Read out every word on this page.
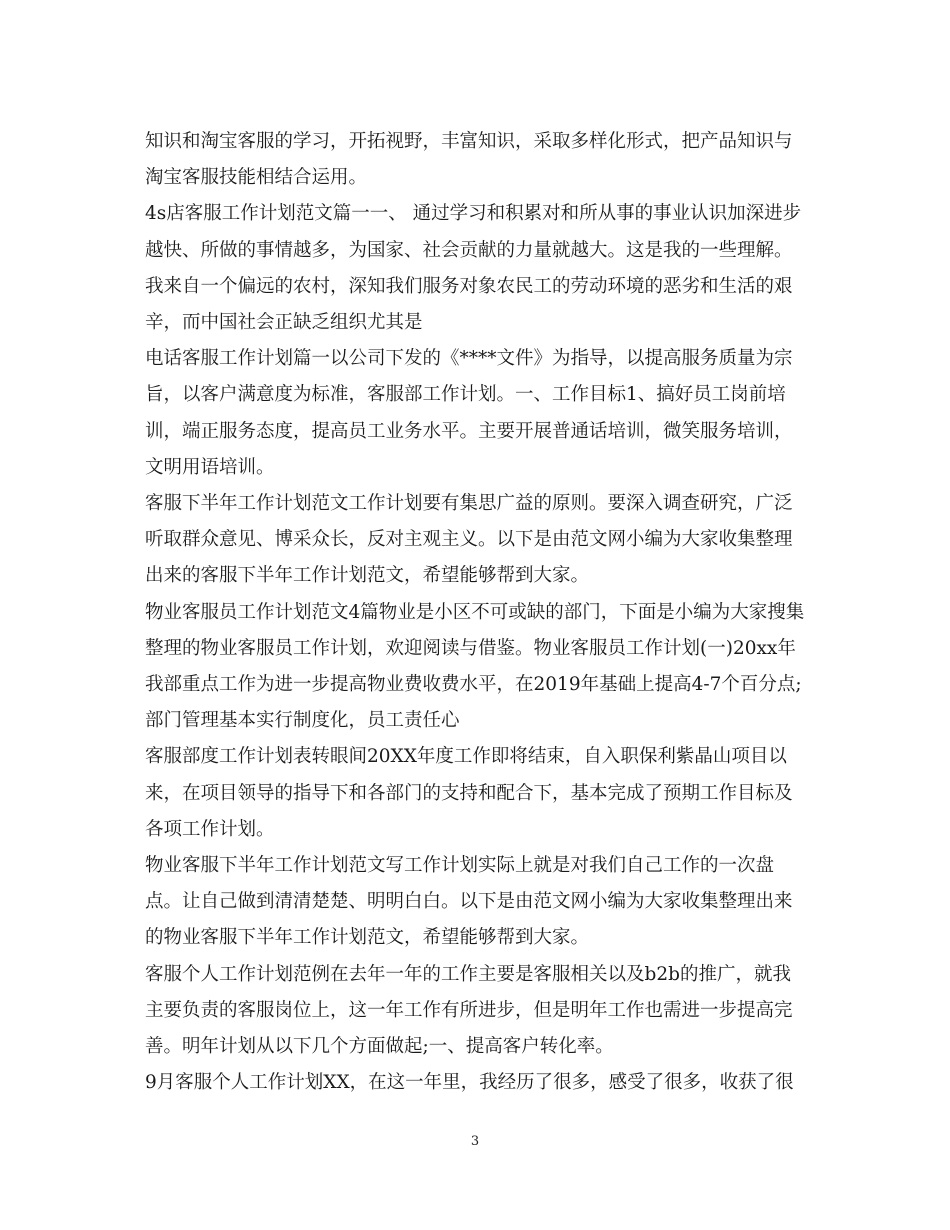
知识和淘宝客服的学习，开拓视野，丰富知识，采取多样化形式，把产品知识与淘宝客服技能相结合运用。

4s店客服工作计划范文篇一一、 通过学习和积累对和所从事的事业认识加深进步越快、所做的事情越多，为国家、社会贡献的力量就越大。这是我的一些理解。我来自一个偏远的农村，深知我们服务对象农民工的劳动环境的恶劣和生活的艰辛，而中国社会正缺乏组织尤其是

电话客服工作计划篇一以公司下发的《****文件》为指导，以提高服务质量为宗旨，以客户满意度为标准，客服部工作计划。一、工作目标1、搞好员工岗前培训，端正服务态度，提高员工业务水平。主要开展普通话培训，微笑服务培训，文明用语培训。

客服下半年工作计划范文工作计划要有集思广益的原则。要深入调查研究，广泛听取群众意见、博采众长，反对主观主义。以下是由范文网小编为大家收集整理出来的客服下半年工作计划范文，希望能够帮到大家。

物业客服员工作计划范文4篇物业是小区不可或缺的部门，下面是小编为大家搜集整理的物业客服员工作计划，欢迎阅读与借鉴。物业客服员工作计划(一)20xx年我部重点工作为进一步提高物业费收费水平，在2019年基础上提高4-7个百分点;部门管理基本实行制度化，员工责任心

客服部度工作计划表转眼间20XX年度工作即将结束，自入职保利紫晶山项目以来，在项目领导的指导下和各部门的支持和配合下，基本完成了预期工作目标及各项工作计划。

物业客服下半年工作计划范文写工作计划实际上就是对我们自己工作的一次盘点。让自己做到清清楚楚、明明白白。以下是由范文网小编为大家收集整理出来的物业客服下半年工作计划范文，希望能够帮到大家。

客服个人工作计划范例在去年一年的工作主要是客服相关以及b2b的推广，就我主要负责的客服岗位上，这一年工作有所进步，但是明年工作也需进一步提高完善。明年计划从以下几个方面做起;一、提高客户转化率。

9月客服个人工作计划XX，在这一年里，我经历了很多，感受了很多，收获了很

3
